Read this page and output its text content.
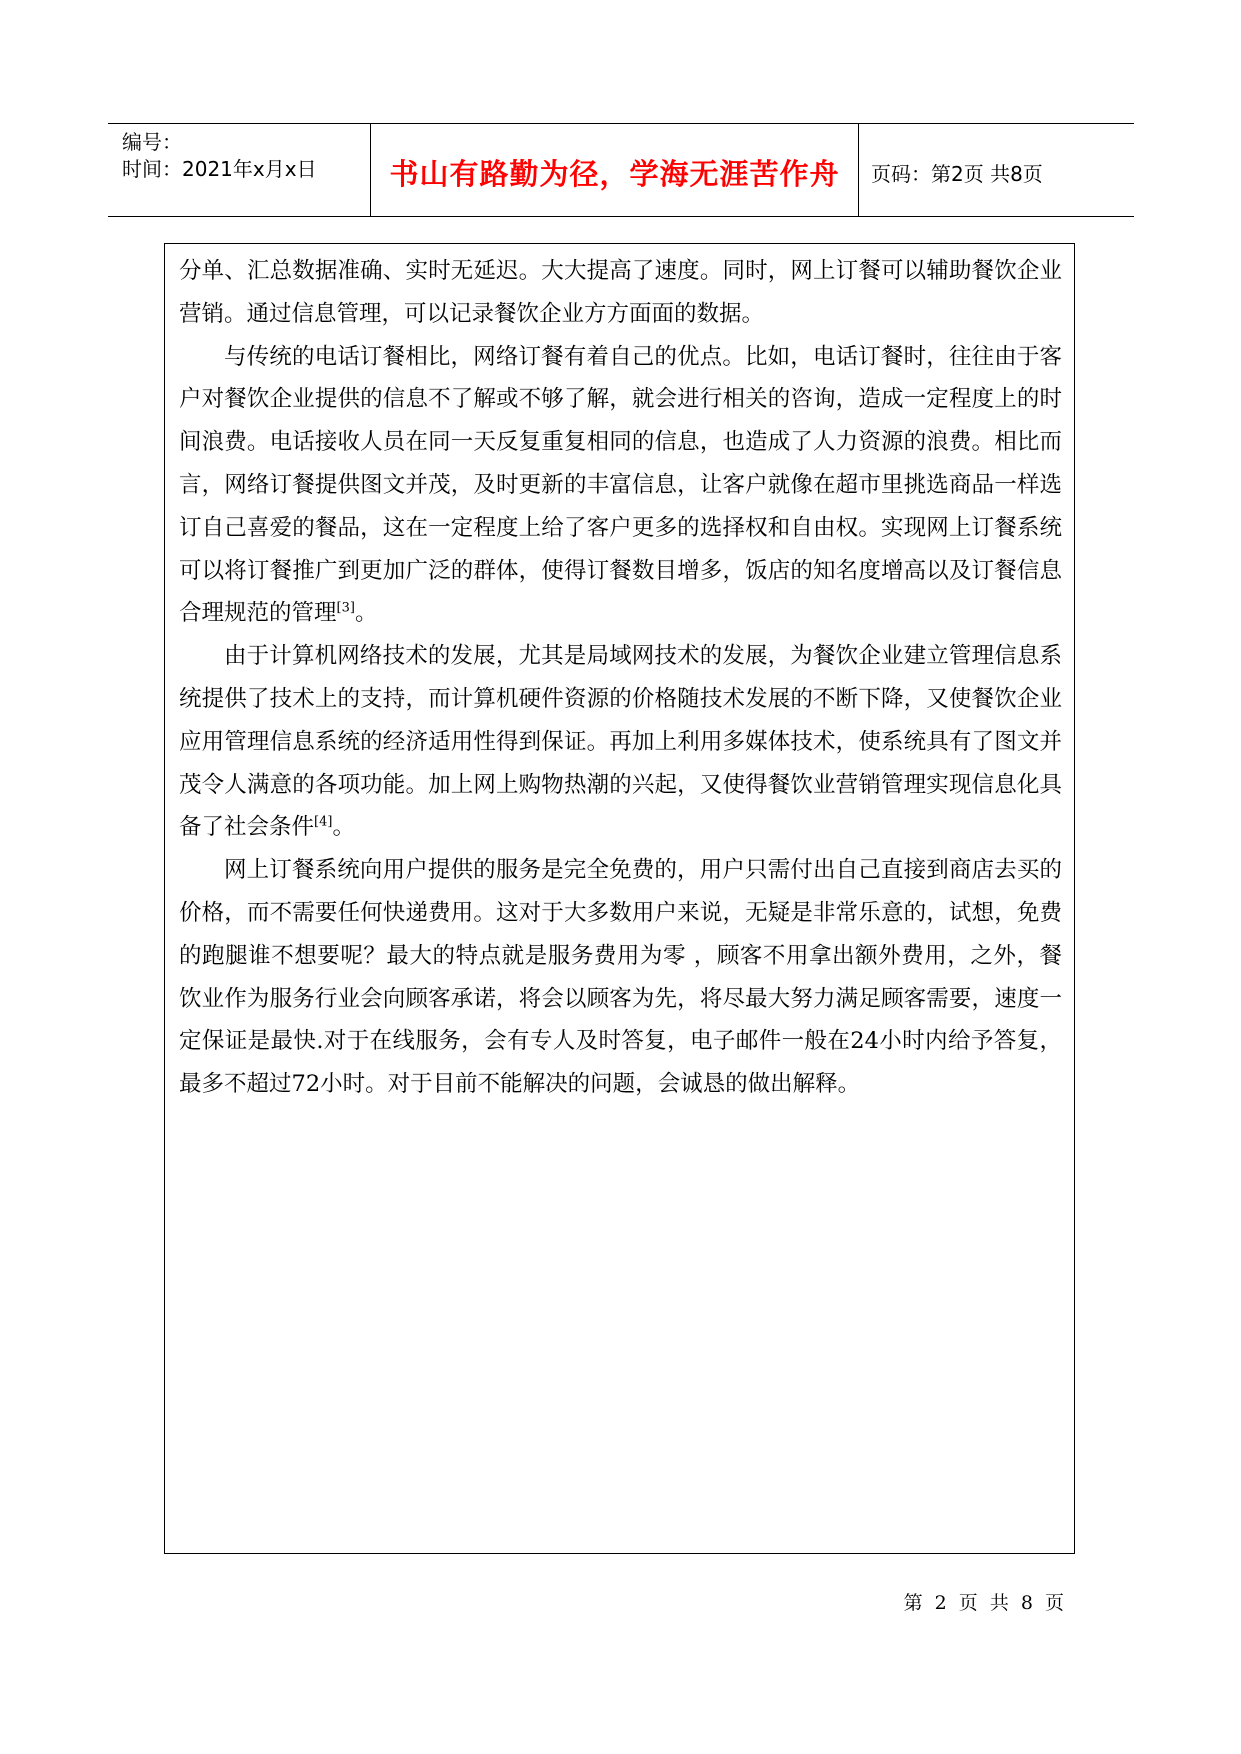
编号：
时间：2021年x月x日	书山有路勤为径，学海无涯苦作舟	页码：第2页 共8页

分单、汇总数据准确、实时无延迟。大大提高了速度。同时，网上订餐可以辅助餐饮企业营销。通过信息管理，可以记录餐饮企业方方面面的数据。

与传统的电话订餐相比，网络订餐有着自己的优点。比如，电话订餐时，往往由于客户对餐饮企业提供的信息不了解或不够了解，就会进行相关的咨询，造成一定程度上的时间浪费。电话接收人员在同一天反复重复相同的信息，也造成了人力资源的浪费。相比而言，网络订餐提供图文并茂，及时更新的丰富信息，让客户就像在超市里挑选商品一样选订自己喜爱的餐品，这在一定程度上给了客户更多的选择权和自由权。实现网上订餐系统可以将订餐推广到更加广泛的群体，使得订餐数目增多，饭店的知名度增高以及订餐信息合理规范的管理[3]。

由于计算机网络技术的发展，尤其是局域网技术的发展，为餐饮企业建立管理信息系统提供了技术上的支持，而计算机硬件资源的价格随技术发展的不断下降，又使餐饮企业应用管理信息系统的经济适用性得到保证。再加上利用多媒体技术，使系统具有了图文并茂令人满意的各项功能。加上网上购物热潮的兴起，又使得餐饮业营销管理实现信息化具备了社会条件[4]。

网上订餐系统向用户提供的服务是完全免费的，用户只需付出自己直接到商店去买的价格，而不需要任何快递费用。这对于大多数用户来说，无疑是非常乐意的，试想，免费的跑腿谁不想要呢？最大的特点就是服务费用为零 ，顾客不用拿出额外费用，之外，餐饮业作为服务行业会向顾客承诺，将会以顾客为先，将尽最大努力满足顾客需要，速度一定保证是最快.对于在线服务，会有专人及时答复，电子邮件一般在24小时内给予答复，最多不超过72小时。对于目前不能解决的问题，会诚恳的做出解释。

第 2 页 共 8 页
